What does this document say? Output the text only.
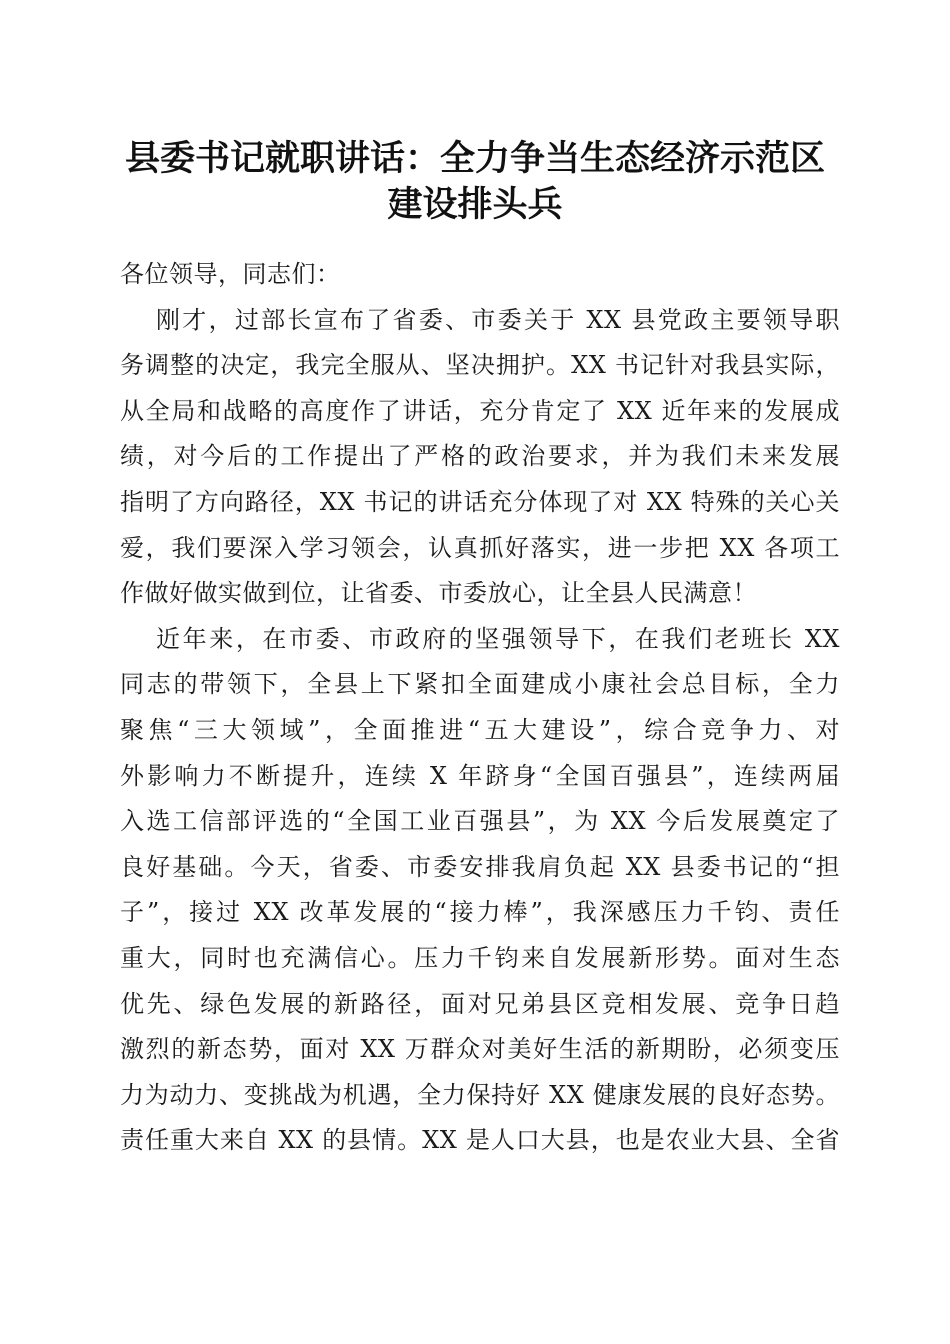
县委书记就职讲话：全力争当生态经济示范区
建设排头兵
各位领导，同志们：
刚才，过部长宣布了省委、市委关于 XX 县党政主要领导职
务调整的决定，我完全服从、坚决拥护。XX 书记针对我县实际，
从全局和战略的高度作了讲话，充分肯定了 XX 近年来的发展成
绩，对今后的工作提出了严格的政治要求，并为我们未来发展
指明了方向路径，XX 书记的讲话充分体现了对 XX 特殊的关心关
爱，我们要深入学习领会，认真抓好落实，进一步把 XX 各项工
作做好做实做到位，让省委、市委放心，让全县人民满意！
近年来，在市委、市政府的坚强领导下，在我们老班长 XX
同志的带领下，全县上下紧扣全面建成小康社会总目标，全力
聚焦“三大领域”，全面推进“五大建设”，综合竞争力、对
外影响力不断提升，连续 X 年跻身“全国百强县”，连续两届
入选工信部评选的“全国工业百强县”，为 XX 今后发展奠定了
良好基础。今天，省委、市委安排我肩负起 XX 县委书记的“担
子”，接过 XX 改革发展的“接力棒”，我深感压力千钧、责任
重大，同时也充满信心。压力千钧来自发展新形势。面对生态
优先、绿色发展的新路径，面对兄弟县区竞相发展、竞争日趋
激烈的新态势，面对 XX 万群众对美好生活的新期盼，必须变压
力为动力、变挑战为机遇，全力保持好 XX 健康发展的良好态势。
责任重大来自 XX 的县情。XX 是人口大县，也是农业大县、全省
